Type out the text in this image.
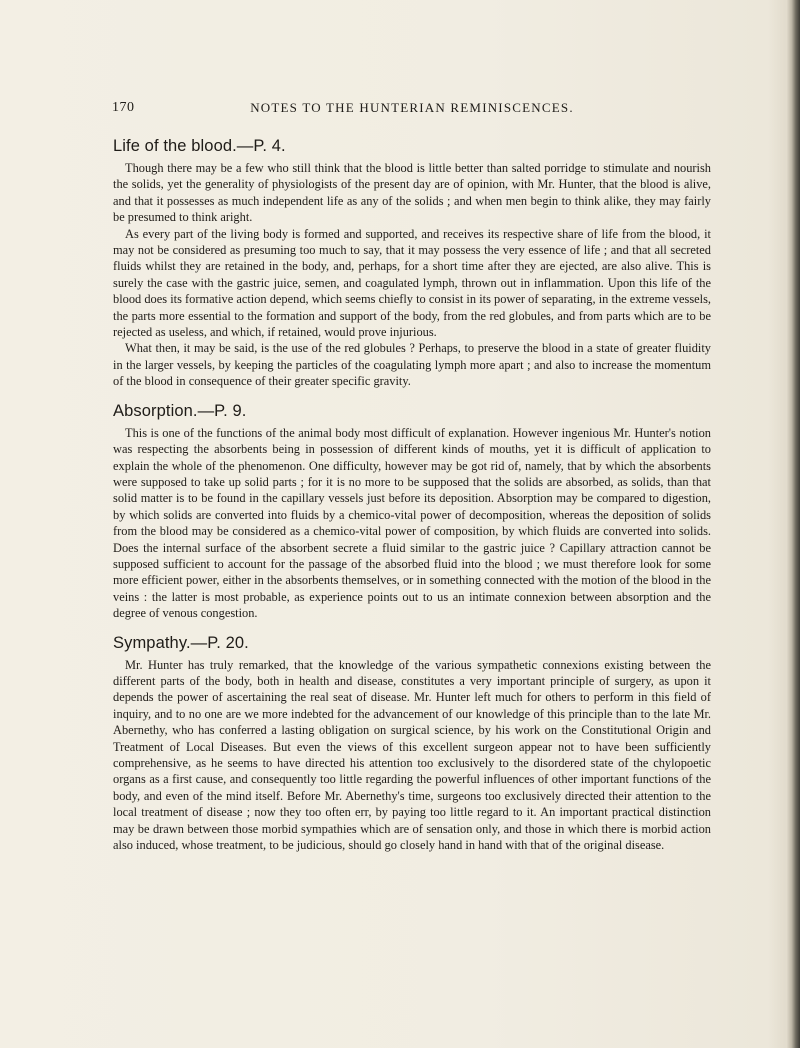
170	NOTES TO THE HUNTERIAN REMINISCENCES.
Life of the blood.—P. 4.

Though there may be a few who still think that the blood is little better than salted porridge to stimulate and nourish the solids, yet the generality of physiologists of the present day are of opinion, with Mr. Hunter, that the blood is alive, and that it possesses as much independent life as any of the solids ; and when men begin to think alike, they may fairly be presumed to think aright.

As every part of the living body is formed and supported, and receives its respective share of life from the blood, it may not be considered as presuming too much to say, that it may possess the very essence of life ; and that all secreted fluids whilst they are retained in the body, and, perhaps, for a short time after they are ejected, are also alive. This is surely the case with the gastric juice, semen, and coagulated lymph, thrown out in inflammation. Upon this life of the blood does its formative action depend, which seems chiefly to consist in its power of separating, in the extreme vessels, the parts more essential to the formation and support of the body, from the red globules, and from parts which are to be rejected as useless, and which, if retained, would prove injurious.

What then, it may be said, is the use of the red globules ? Perhaps, to preserve the blood in a state of greater fluidity in the larger vessels, by keeping the particles of the coagulating lymph more apart ; and also to increase the momentum of the blood in consequence of their greater specific gravity.

Absorption.—P. 9.

This is one of the functions of the animal body most difficult of explanation. However ingenious Mr. Hunter's notion was respecting the absorbents being in possession of different kinds of mouths, yet it is difficult of application to explain the whole of the phenomenon. One difficulty, however may be got rid of, namely, that by which the absorbents were supposed to take up solid parts ; for it is no more to be supposed that the solids are absorbed, as solids, than that solid matter is to be found in the capillary vessels just before its deposition. Absorption may be compared to digestion, by which solids are converted into fluids by a chemico-vital power of decomposition, whereas the deposition of solids from the blood may be considered as a chemico-vital power of composition, by which fluids are converted into solids. Does the internal surface of the absorbent secrete a fluid similar to the gastric juice ? Capillary attraction cannot be supposed sufficient to account for the passage of the absorbed fluid into the blood ; we must therefore look for some more efficient power, either in the absorbents themselves, or in something connected with the motion of the blood in the veins : the latter is most probable, as experience points out to us an intimate connexion between absorption and the degree of venous congestion.

Sympathy.—P. 20.

Mr. Hunter has truly remarked, that the knowledge of the various sympathetic connexions existing between the different parts of the body, both in health and disease, constitutes a very important principle of surgery, as upon it depends the power of ascertaining the real seat of disease. Mr. Hunter left much for others to perform in this field of inquiry, and to no one are we more indebted for the advancement of our knowledge of this principle than to the late Mr. Abernethy, who has conferred a lasting obligation on surgical science, by his work on the Constitutional Origin and Treatment of Local Diseases. But even the views of this excellent surgeon appear not to have been sufficiently comprehensive, as he seems to have directed his attention too exclusively to the disordered state of the chylopoetic organs as a first cause, and consequently too little regarding the powerful influences of other important functions of the body, and even of the mind itself. Before Mr. Abernethy's time, surgeons too exclusively directed their attention to the local treatment of disease ; now they too often err, by paying too little regard to it. An important practical distinction may be drawn between those morbid sympathies which are of sensation only, and those in which there is morbid action also induced, whose treatment, to be judicious, should go closely hand in hand with that of the original disease.
